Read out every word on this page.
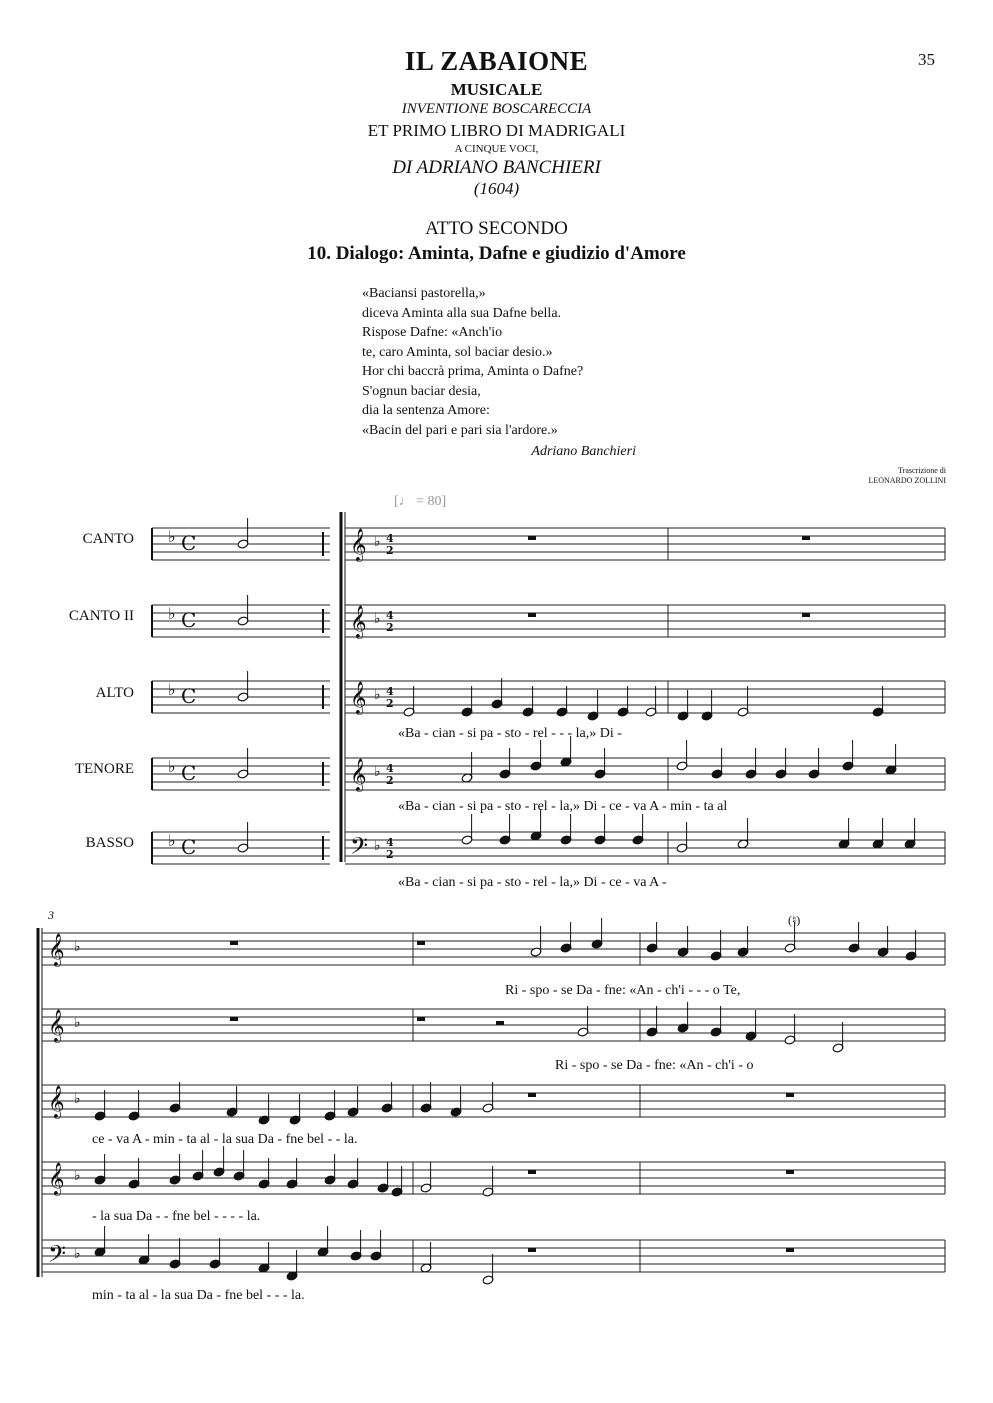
IL ZABAIONE
MUSICALE
INVENTIONE BOSCARECCIA
ET PRIMO LIBRO DI MADRIGALI
A CINQUE VOCI,
DI ADRIANO BANCHIERI
(1604)
ATTO SECONDO
10. Dialogo: Aminta, Dafne e giudizio d'Amore
35
«Baciansi pastorella,»
diceva Aminta alla sua Dafne bella.
Rispose Dafne: «Anch'io
te, caro Aminta, sol baciar desio.»
Hor chi baccrà prima, Aminta o Dafne?
S'ognun baciar desia,
dia la sentenza Amore:
«Bacin del pari e pari sia l'ardore.»
Adriano Banchieri
Trascrizione di
LEONARDO ZOLLINI
[♩ = 80]
CANTO
CANTO II
ALTO
TENORE
BASSO
«Ba - cian - si pa - sto - rel - - - la,» Di -
«Ba - cian - si pa - sto - rel - la,» Di - ce - va A - min - ta al
«Ba - cian - si pa - sto - rel - la,» Di - ce - va A -
Ri - spo - se Da - fne: «An - ch'i - - - o Te,
Ri - spo - se Da - fne: «An - ch'i - o
ce - va A - min - ta al - la sua Da - fne bel - - la.
- la sua Da - - fne bel - - - - la.
min - ta al - la sua Da - fne bel - - - la.
3	(♮)
♭ C
♭ C
♭ C
♭ C
♭ C
𝄞 ♭ 4
2
𝄞 ♭ 4
2
𝄞 ♭ 4
2
𝄞 ♭ 4
2
𝄢 ♭ 4
2
𝄞 ♭
𝄞 ♭
𝄞 ♭
𝄞 ♭
𝄢 ♭
